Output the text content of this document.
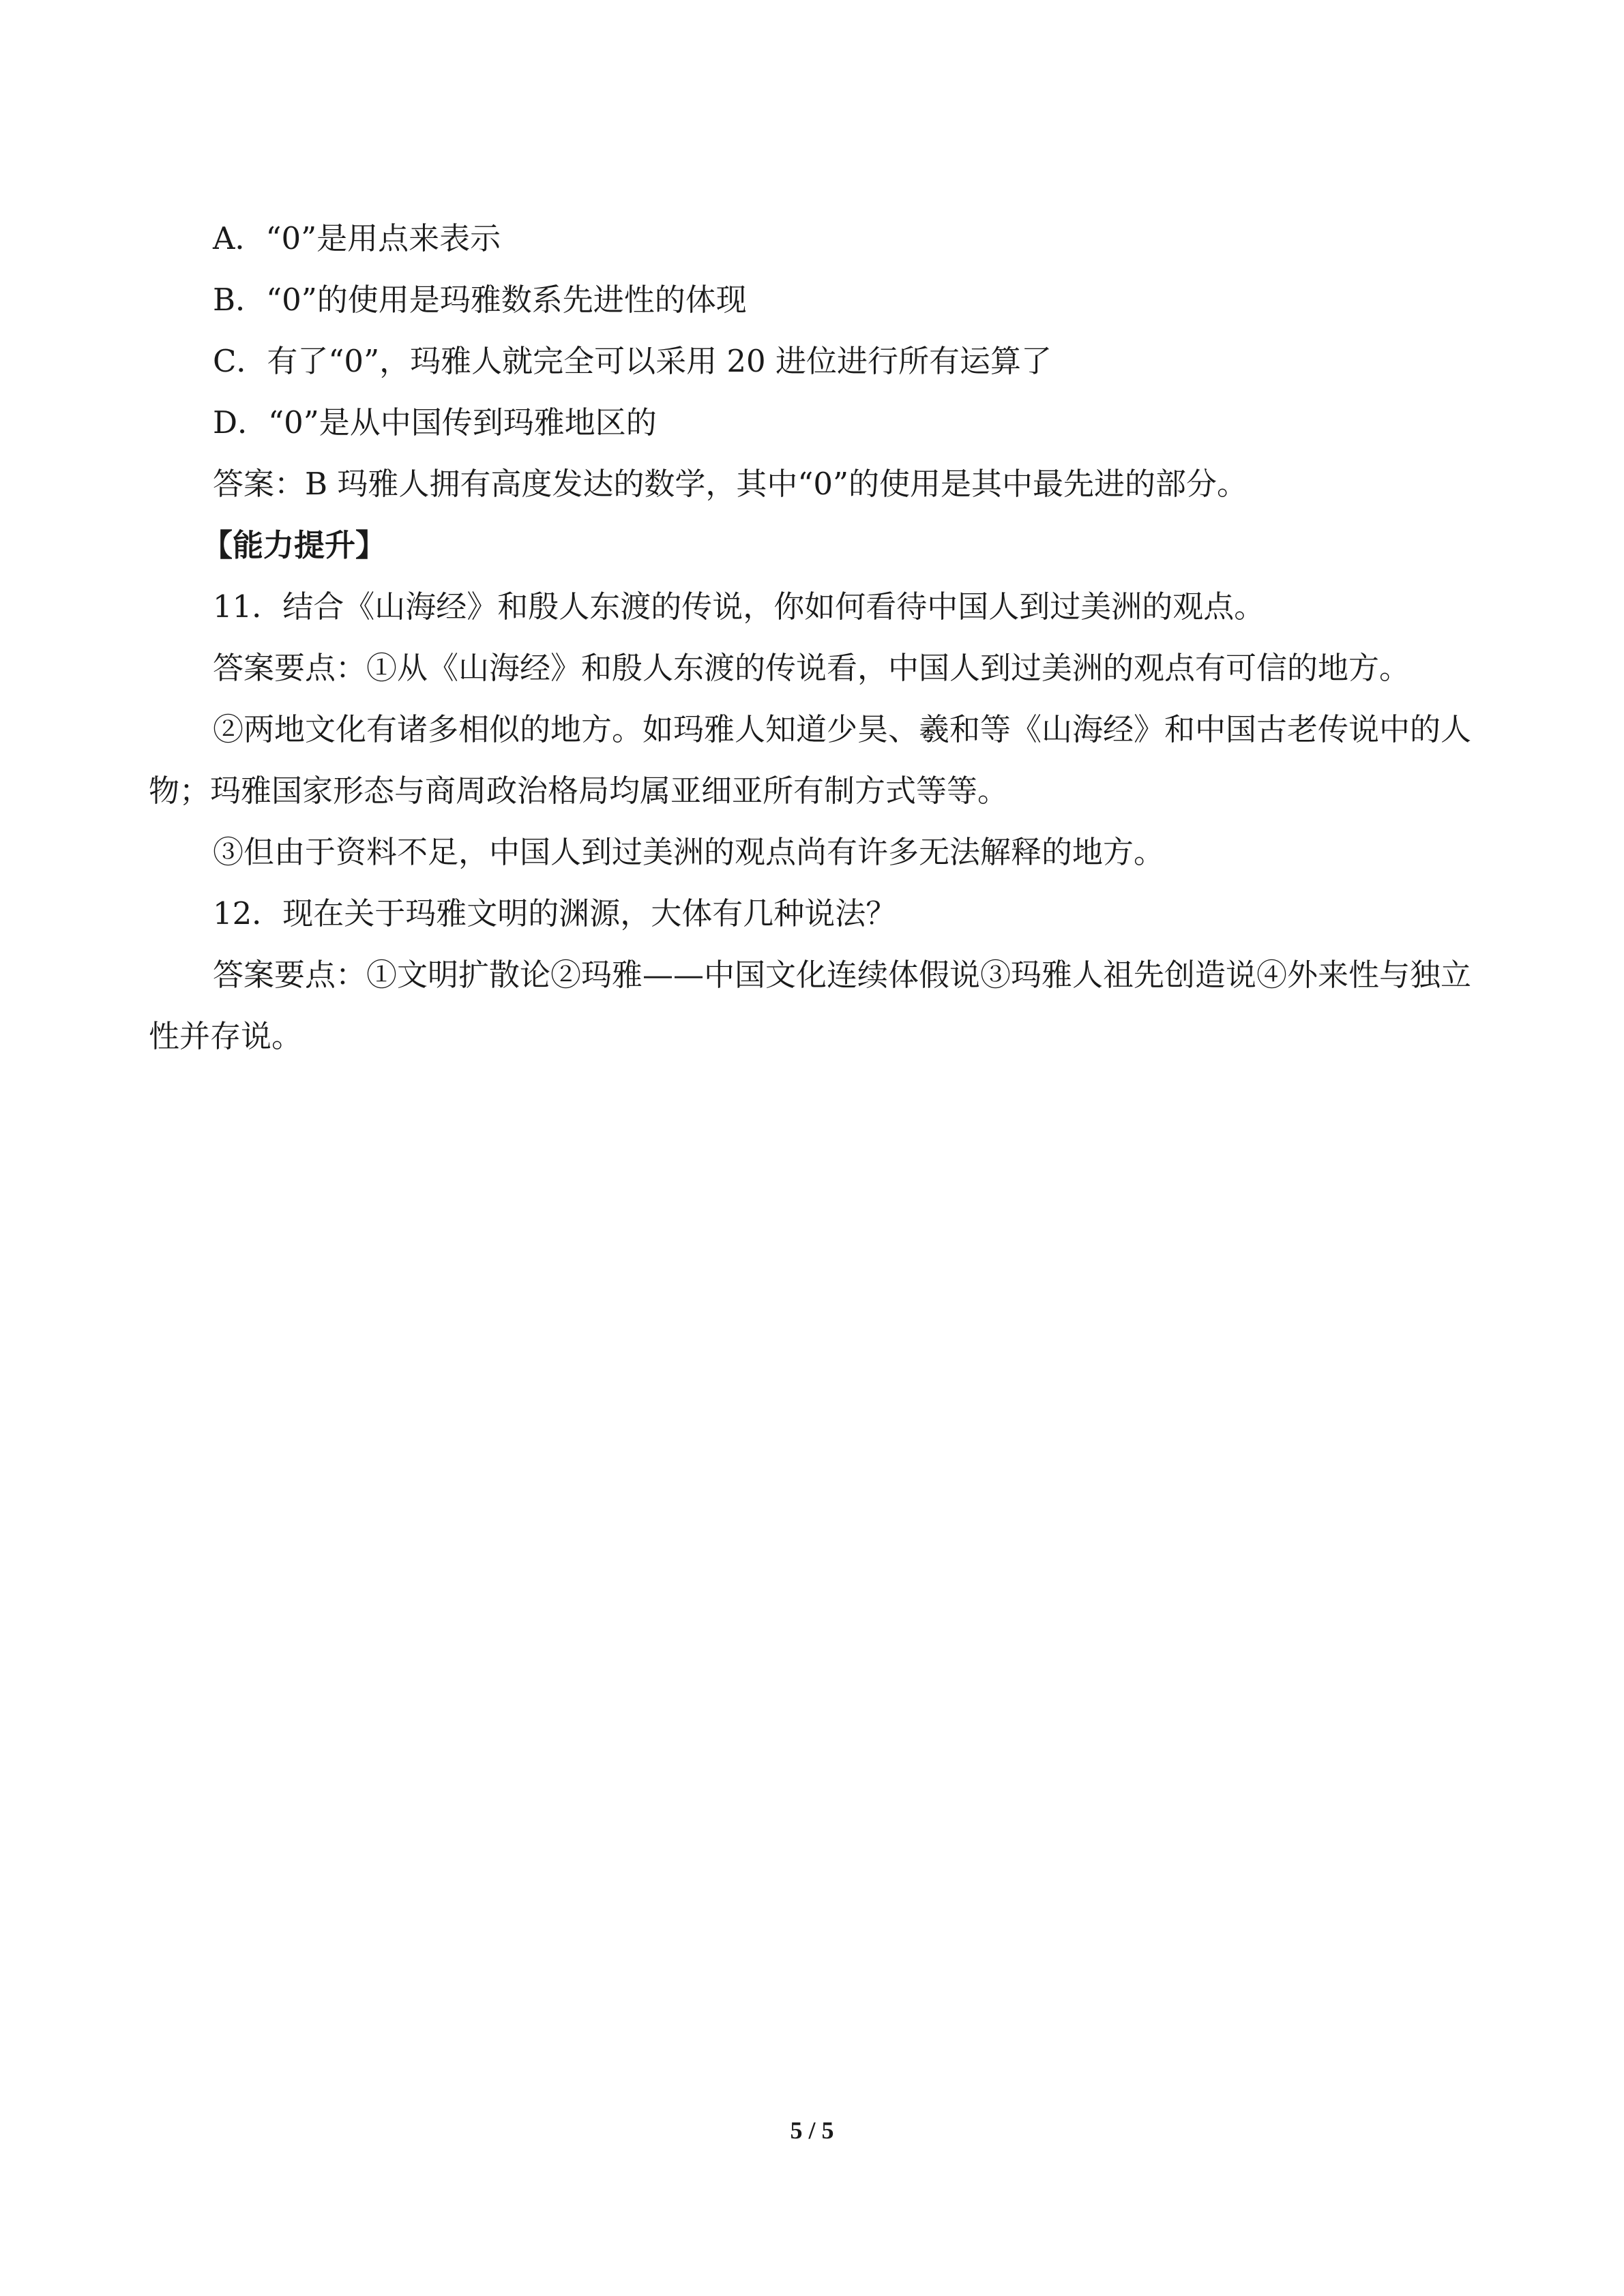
A．“0”是用点来表示

B．“0”的使用是玛雅数系先进性的体现

C．有了“0”，玛雅人就完全可以采用 20 进位进行所有运算了

D．“0”是从中国传到玛雅地区的

答案：B 玛雅人拥有高度发达的数学，其中“0”的使用是其中最先进的部分。

【能力提升】

11．结合《山海经》和殷人东渡的传说，你如何看待中国人到过美洲的观点。

答案要点：①从《山海经》和殷人东渡的传说看，中国人到过美洲的观点有可信的地方。

②两地文化有诸多相似的地方。如玛雅人知道少昊、羲和等《山海经》和中国古老传说中的人物；玛雅国家形态与商周政治格局均属亚细亚所有制方式等等。

③但由于资料不足，中国人到过美洲的观点尚有许多无法解释的地方。

12．现在关于玛雅文明的渊源，大体有几种说法？

答案要点：①文明扩散论②玛雅——中国文化连续体假说③玛雅人祖先创造说④外来性与独立性并存说。

5 / 5
